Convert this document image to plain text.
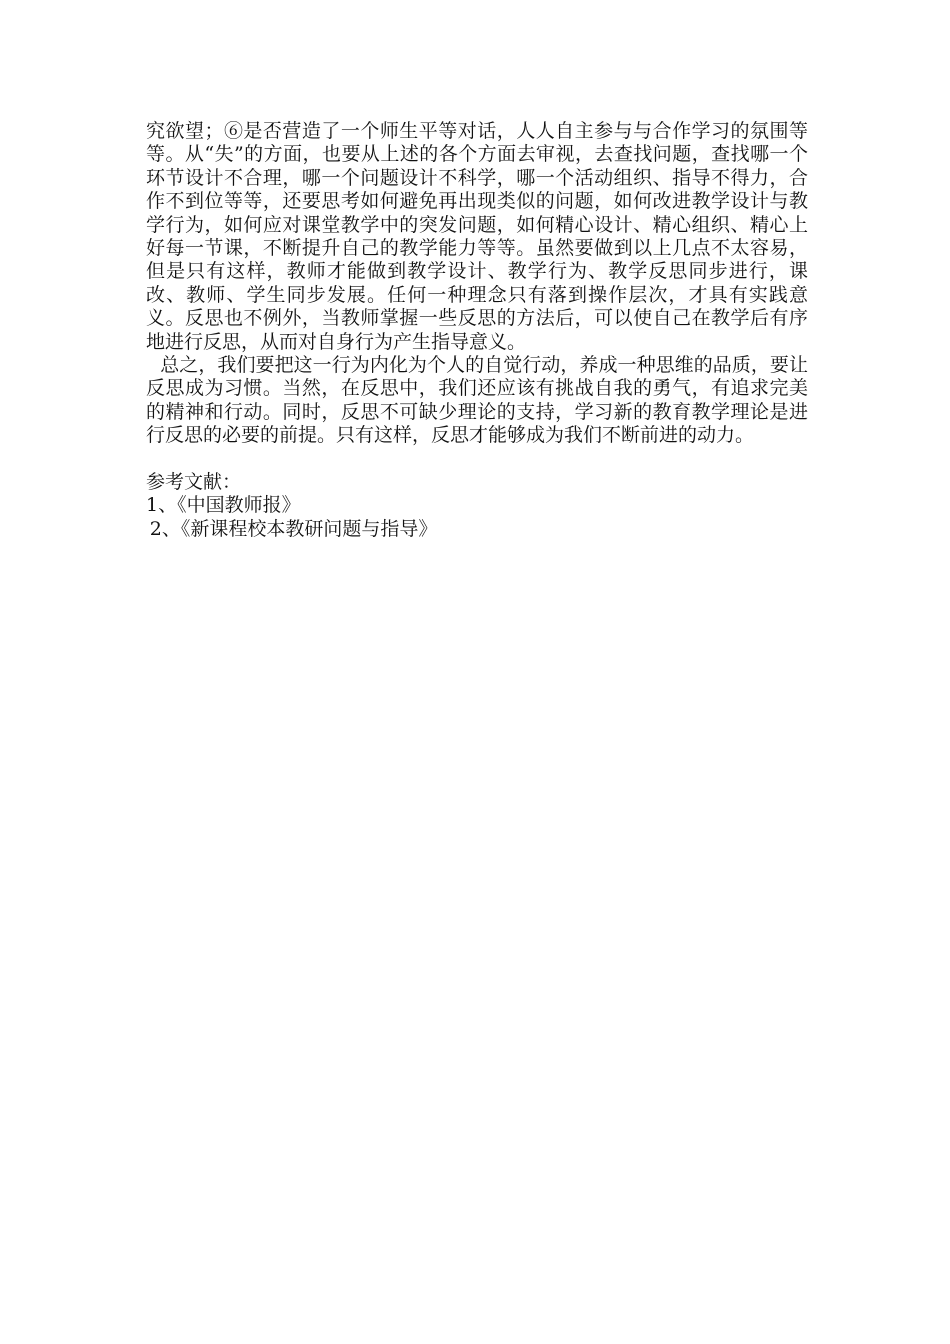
究欲望；⑥是否营造了一个师生平等对话，人人自主参与与合作学习的氛围等等。从“失”的方面，也要从上述的各个方面去审视，去查找问题，查找哪一个环节设计不合理，哪一个问题设计不科学，哪一个活动组织、指导不得力，合作不到位等等，还要思考如何避免再出现类似的问题，如何改进教学设计与教学行为，如何应对课堂教学中的突发问题，如何精心设计、精心组织、精心上好每一节课，不断提升自己的教学能力等等。虽然要做到以上几点不太容易，但是只有这样，教师才能做到教学设计、教学行为、教学反思同步进行，课改、教师、学生同步发展。任何一种理念只有落到操作层次，才具有实践意义。反思也不例外，当教师掌握一些反思的方法后，可以使自己在教学后有序地进行反思，从而对自身行为产生指导意义。

总之，我们要把这一行为内化为个人的自觉行动，养成一种思维的品质，要让反思成为习惯。当然，在反思中，我们还应该有挑战自我的勇气，有追求完美的精神和行动。同时，反思不可缺少理论的支持，学习新的教育教学理论是进行反思的必要的前提。只有这样，反思才能够成为我们不断前进的动力。

参考文献：

1、《中国教师报》

2、《新课程校本教研问题与指导》
